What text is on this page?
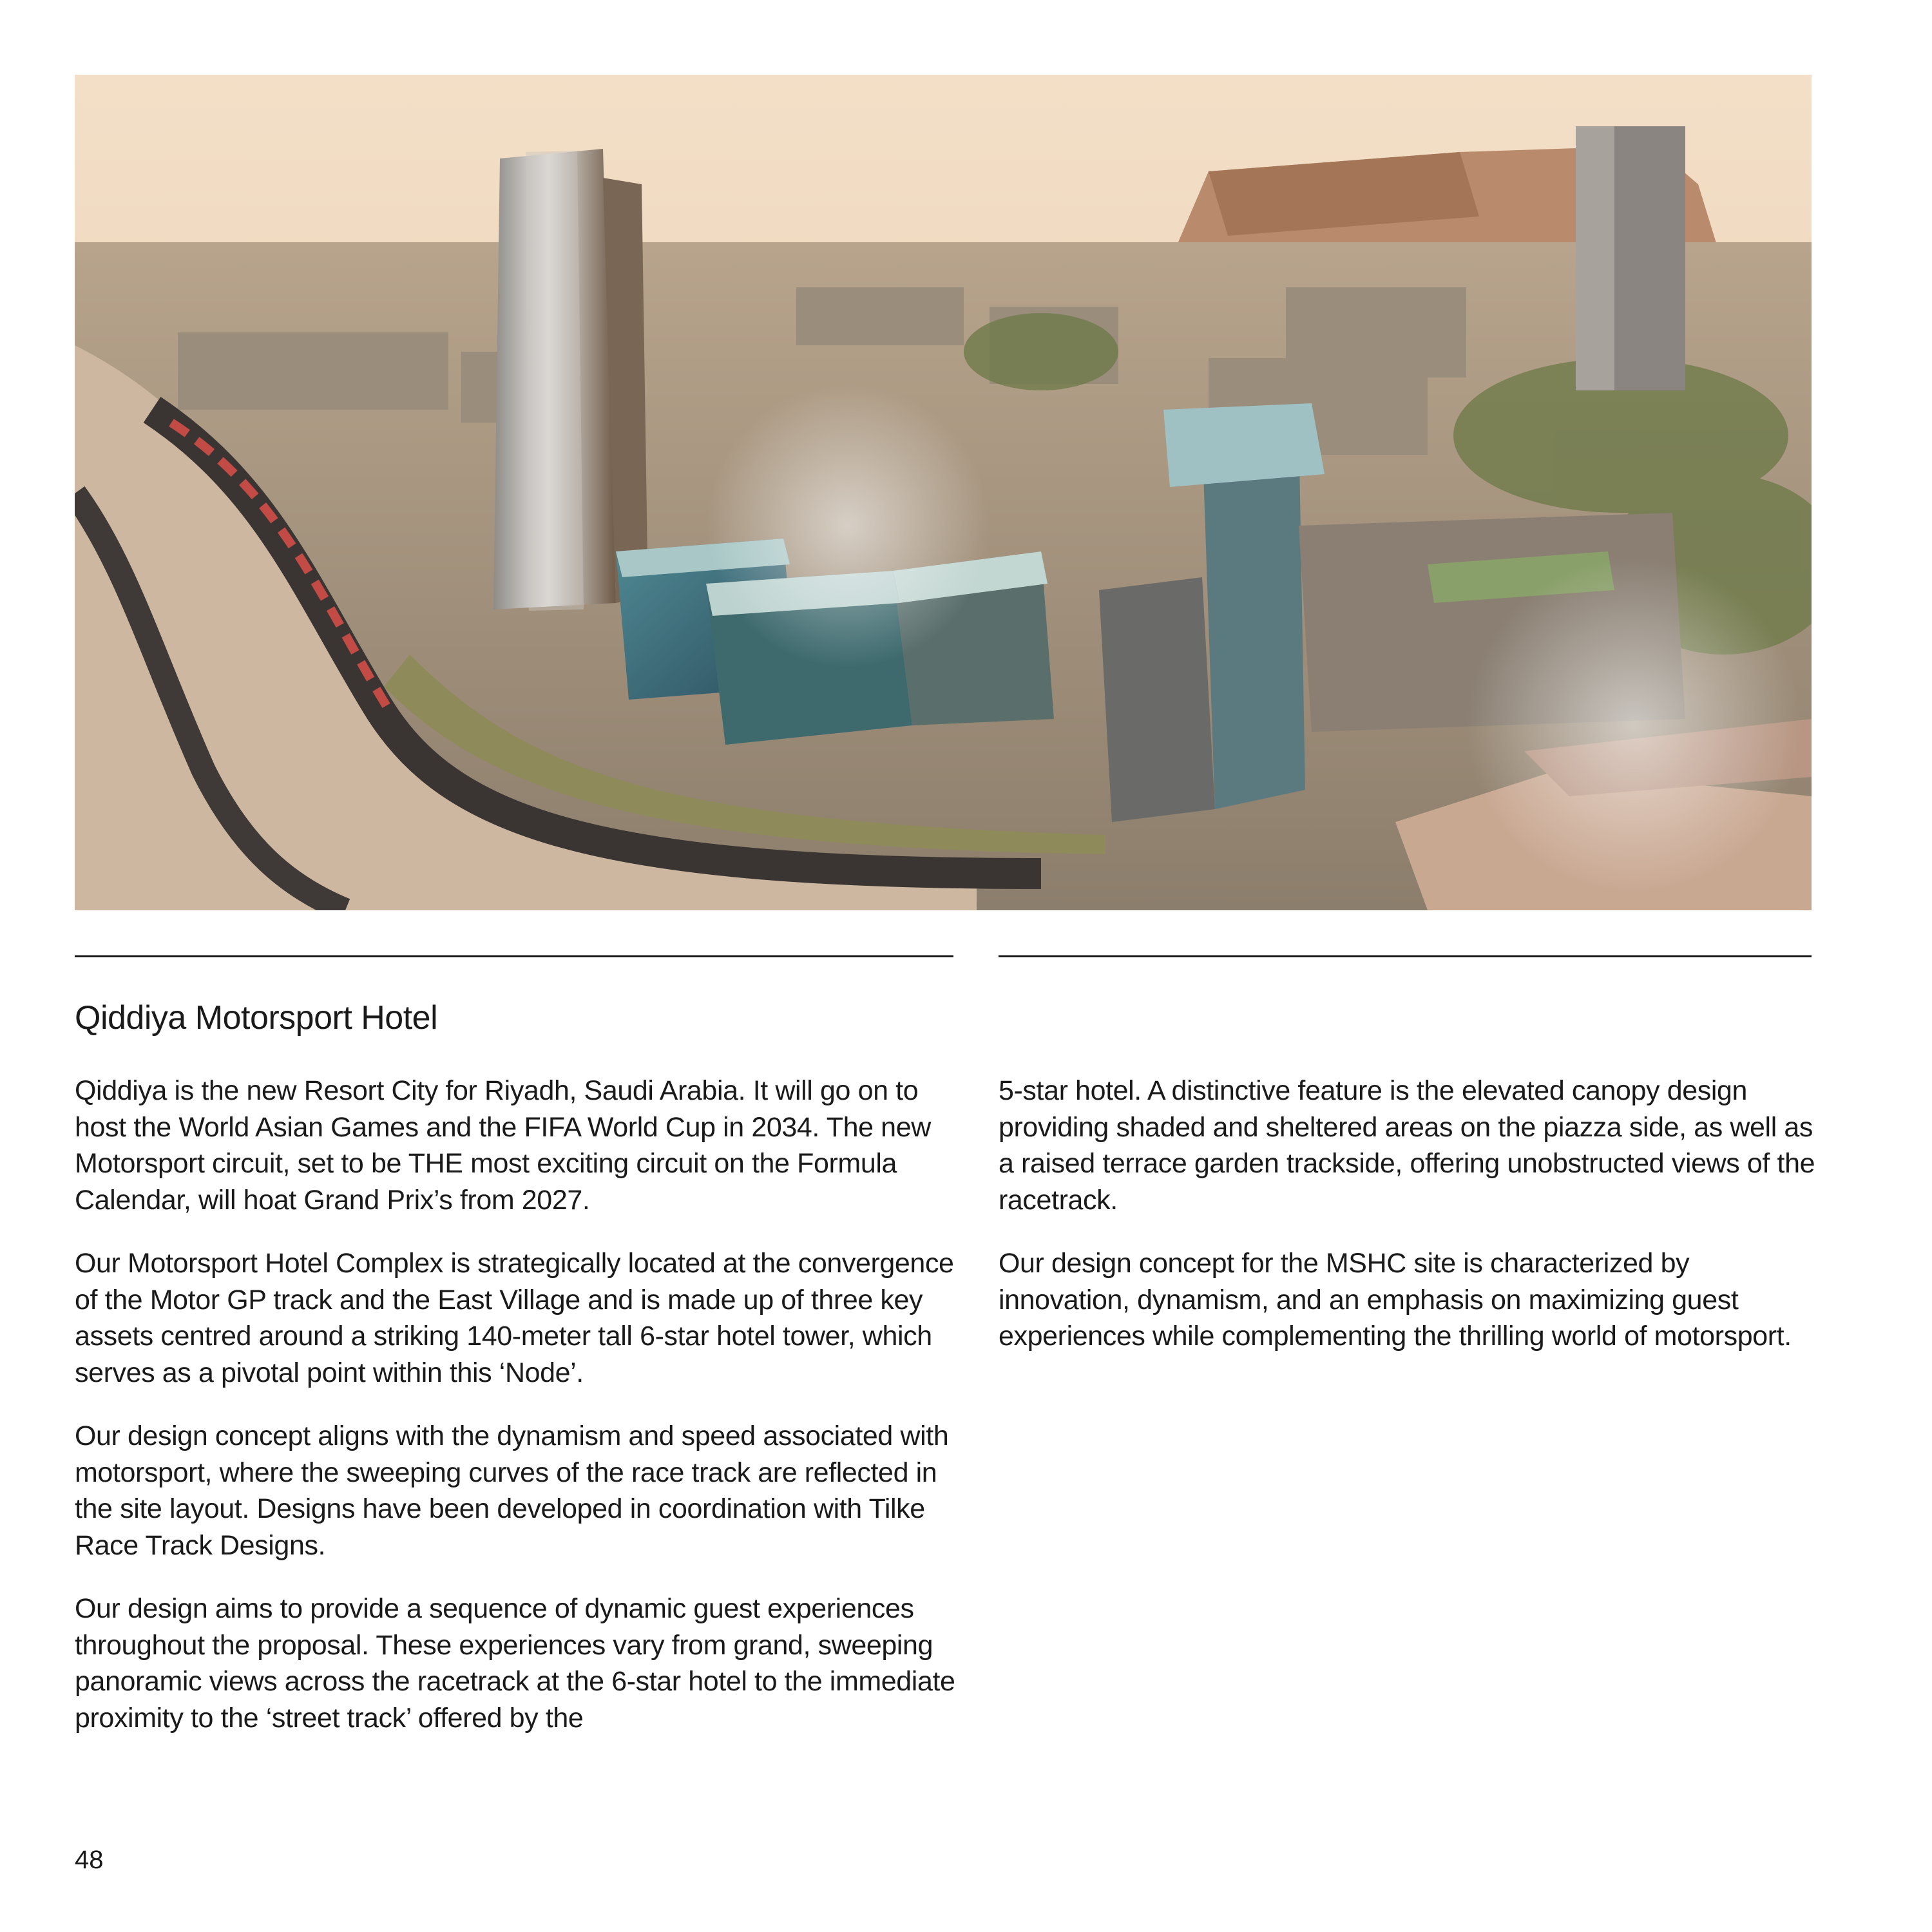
Qiddiya Motorsport Hotel

Qiddiya is the new Resort City for Riyadh, Saudi Arabia. It will go on to host the World Asian Games and the FIFA World Cup in 2034. The new Motorsport circuit, set to be THE most exciting circuit on the Formula Calendar, will hoat Grand Prix’s from 2027.

Our Motorsport Hotel Complex is strategically located at the convergence of the Motor GP track and the East Village and is made up of three key assets centred around a striking 140-meter tall 6-star hotel tower, which serves as a pivotal point within this ‘Node’.

Our design concept aligns with the dynamism and speed associated with motorsport, where the sweeping curves of the race track are reflected in the site layout. Designs have been developed in coordination with Tilke Race Track Designs.

Our design aims to provide a sequence of dynamic guest experiences throughout the proposal. These experiences vary from grand, sweeping panoramic views across the racetrack at the 6-star hotel to the immediate proximity to the ‘street track’ offered by the

5-star hotel. A distinctive feature is the elevated canopy design providing shaded and sheltered areas on the piazza side, as well as a raised terrace garden trackside, offering unobstructed views of the racetrack.

Our design concept for the MSHC site is characterized by innovation, dynamism, and an emphasis on maximizing guest experiences while complementing the thrilling world of motorsport.

48
